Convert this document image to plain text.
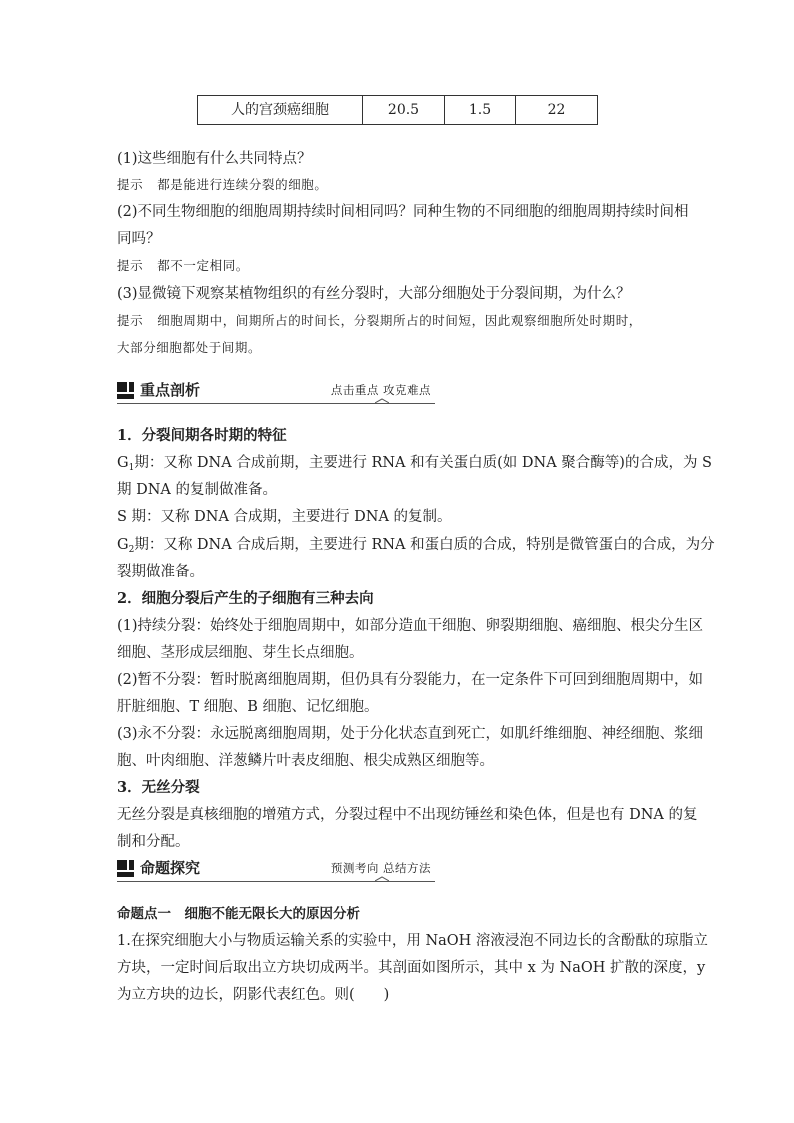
人的宫颈癌细胞	20.5	1.5	22
(1)这些细胞有什么共同特点？
提示 都是能进行连续分裂的细胞。
(2)不同生物细胞的细胞周期持续时间相同吗？同种生物的不同细胞的细胞周期持续时间相
同吗？
提示 都不一定相同。
(3)显微镜下观察某植物组织的有丝分裂时，大部分细胞处于分裂间期，为什么？
提示 细胞周期中，间期所占的时间长，分裂期所占的时间短，因此观察细胞所处时期时，
大部分细胞都处于间期。
重点剖析	点击重点 攻克难点
1．分裂间期各时期的特征
$G_1$期：又称 DNA 合成前期，主要进行 RNA 和有关蛋白质(如 DNA 聚合酶等)的合成，为 S
期 DNA 的复制做准备。
S 期：又称 DNA 合成期，主要进行 DNA 的复制。
$G_2$期：又称 DNA 合成后期，主要进行 RNA 和蛋白质的合成，特别是微管蛋白的合成，为分
裂期做准备。
2．细胞分裂后产生的子细胞有三种去向
(1)持续分裂：始终处于细胞周期中，如部分造血干细胞、卵裂期细胞、癌细胞、根尖分生区
细胞、茎形成层细胞、芽生长点细胞。
(2)暂不分裂：暂时脱离细胞周期，但仍具有分裂能力，在一定条件下可回到细胞周期中，如
肝脏细胞、T 细胞、B 细胞、记忆细胞。
(3)永不分裂：永远脱离细胞周期，处于分化状态直到死亡，如肌纤维细胞、神经细胞、浆细
胞、叶肉细胞、洋葱鳞片叶表皮细胞、根尖成熟区细胞等。
3．无丝分裂
无丝分裂是真核细胞的增殖方式，分裂过程中不出现纺锤丝和染色体，但是也有 DNA 的复
制和分配。
命题探究	预测考向 总结方法
命题点一　细胞不能无限长大的原因分析
1.在探究细胞大小与物质运输关系的实验中，用 NaOH 溶液浸泡不同边长的含酚酞的琼脂立
方块，一定时间后取出立方块切成两半。其剖面如图所示，其中 x 为 NaOH 扩散的深度，y
为立方块的边长，阴影代表红色。则(　　)
